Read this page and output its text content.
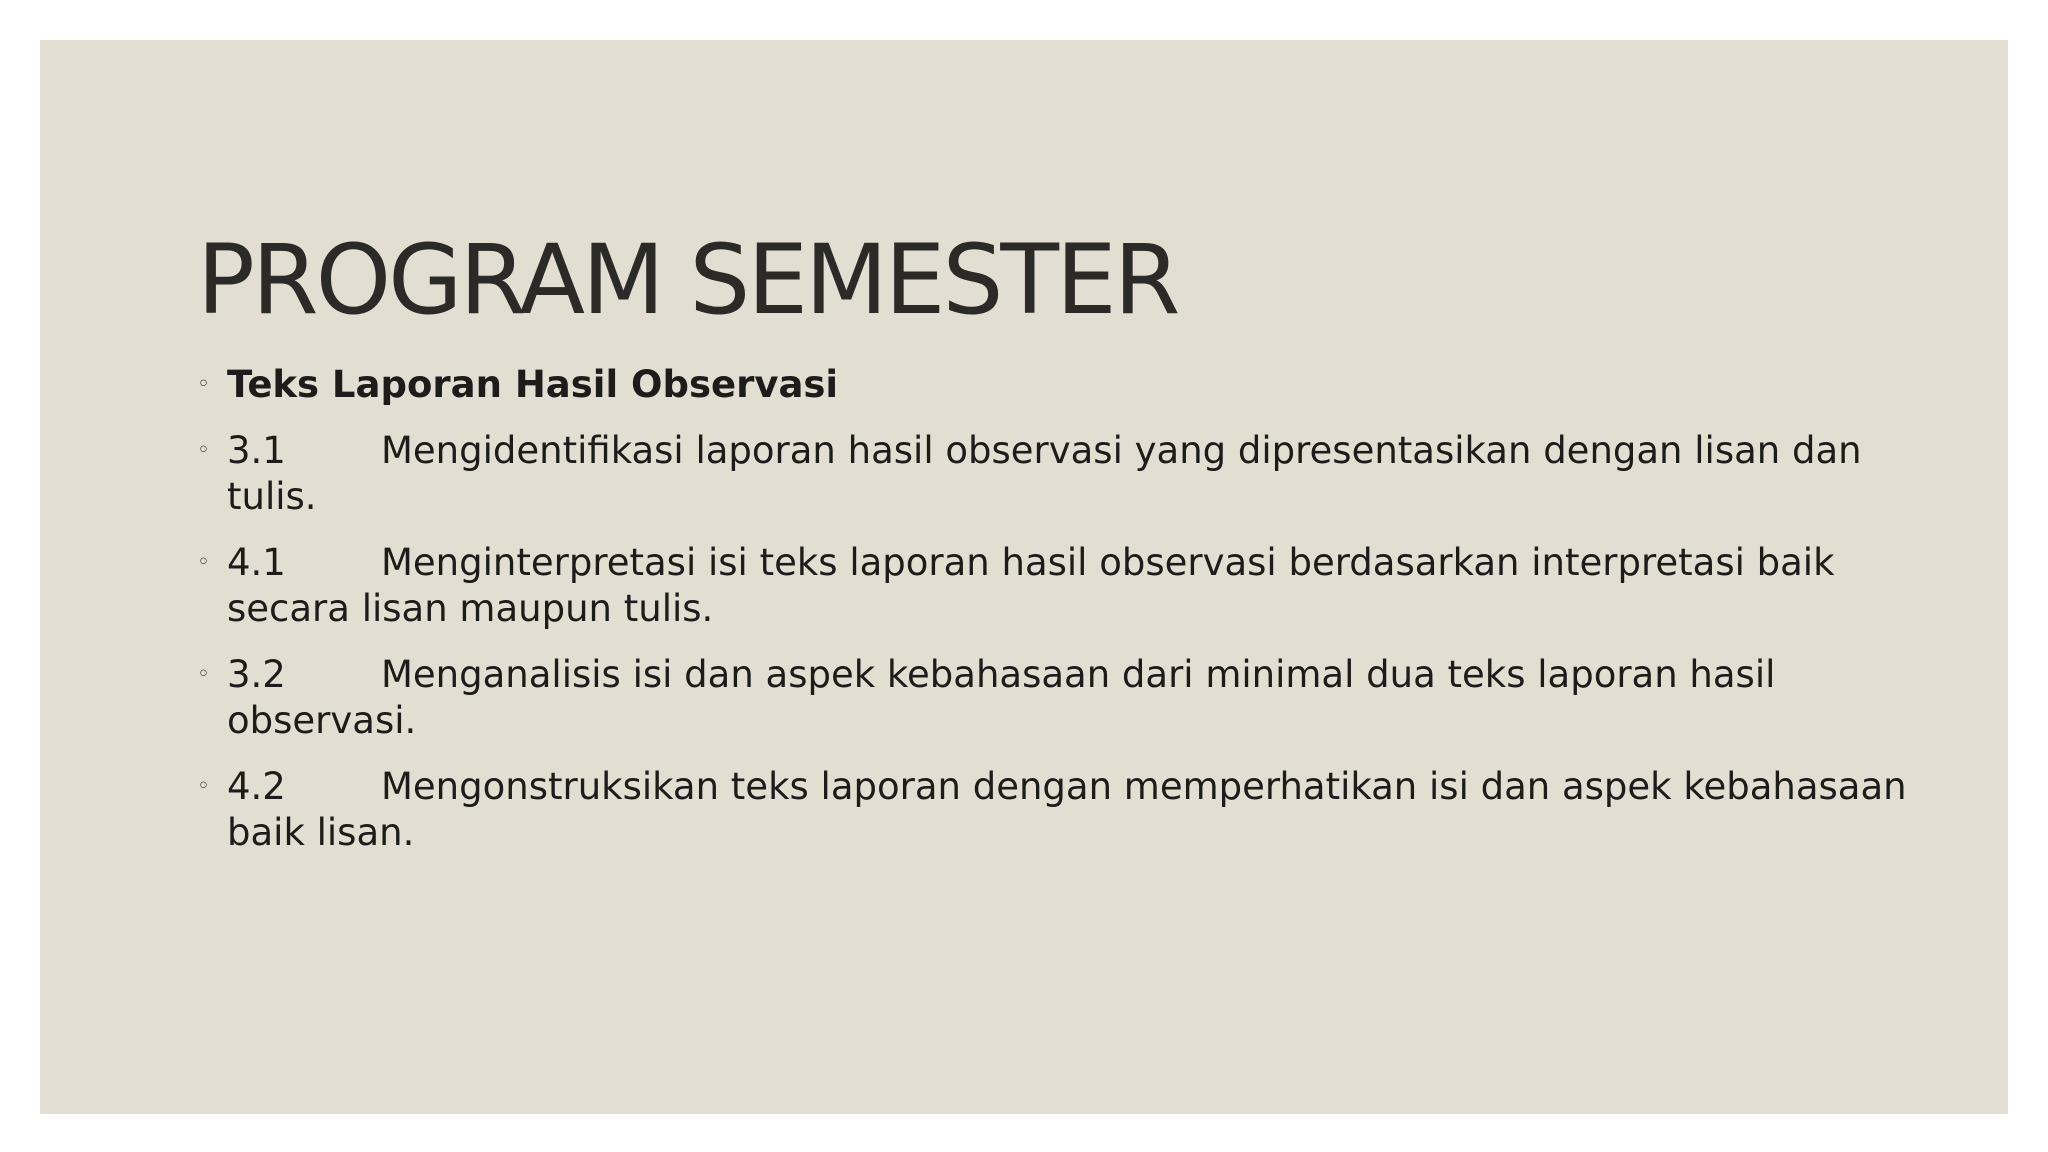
PROGRAM SEMESTER
◦ Teks Laporan Hasil Observasi
◦ 3.1	Mengidentifikasi laporan hasil observasi yang dipresentasikan dengan lisan dan tulis.
◦ 4.1	Menginterpretasi isi teks laporan hasil observasi berdasarkan interpretasi baik secara lisan maupun tulis.
◦ 3.2	Menganalisis isi dan aspek kebahasaan dari minimal dua teks laporan hasil observasi.
◦ 4.2	Mengonstruksikan teks laporan dengan memperhatikan isi dan aspek kebahasaan baik lisan.
